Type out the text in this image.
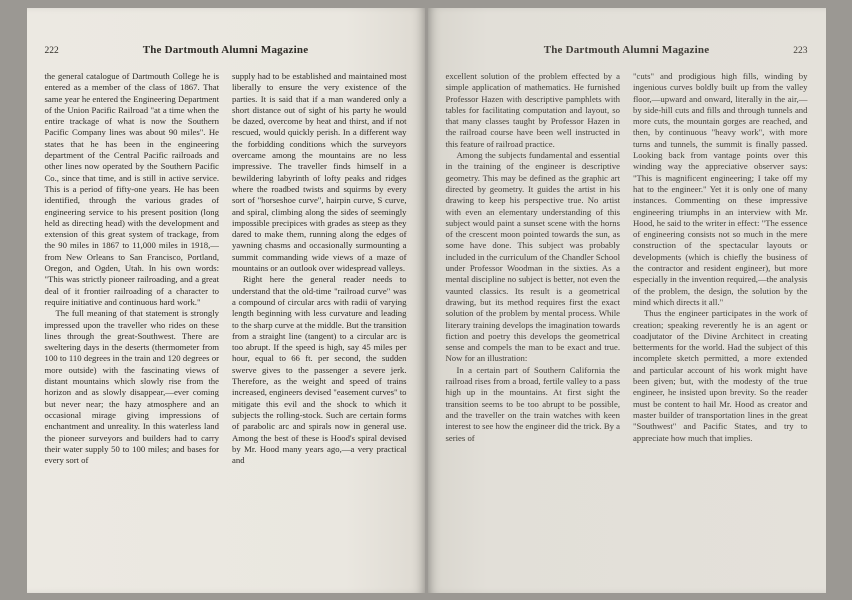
222	The Dartmouth Alumni Magazine

the general catalogue of Dartmouth College he is entered as a member of the class of 1867. That same year he entered the Engineering Department of the Union Pacific Railroad "at a time when the entire trackage of what is now the Southern Pacific Company lines was about 90 miles". He states that he has been in the engineering department of the Central Pacific railroads and other lines now operated by the Southern Pacific Co., since that time, and is still in active service. This is a period of fifty-one years. He has been identified, through the various grades of engineering service to his present position (long held as directing head) with the development and extension of this great system of trackage, from the 90 miles in 1867 to 11,000 miles in 1918,—from New Orleans to San Francisco, Portland, Oregon, and Ogden, Utah. In his own words: "This was strictly pioneer railroading, and a great deal of it frontier railroading of a character to require initiative and continuous hard work."

The full meaning of that statement is strongly impressed upon the traveller who rides on these lines through the great-Southwest. There are sweltering days in the deserts (thermometer from 100 to 110 degrees in the train and 120 degrees or more outside) with the fascinating views of distant mountains which slowly rise from the horizon and as slowly disappear,—ever coming but never near; the hazy atmosphere and an occasional mirage giving impressions of enchantment and unreality. In this waterless land the pioneer surveyors and builders had to carry their water supply 50 to 100 miles; and bases for every sort of

supply had to be established and maintained most liberally to ensure the very existence of the parties. It is said that if a man wandered only a short distance out of sight of his party he would be dazed, overcome by heat and thirst, and if not rescued, would quickly perish. In a different way the forbidding conditions which the surveyors overcame among the mountains are no less impressive. The traveller finds himself in a bewildering labyrinth of lofty peaks and ridges where the roadbed twists and squirms by every sort of "horseshoe curve", hairpin curve, S curve, and spiral, climbing along the sides of seemingly impossible precipices with grades as steep as they dared to make them, running along the edges of yawning chasms and occasionally surmounting a summit commanding wide views of a maze of mountains or an outlook over widespread valleys.

Right here the general reader needs to understand that the old-time "railroad curve" was a compound of circular arcs with radii of varying length beginning with less curvature and leading to the sharp curve at the middle. But the transition from a straight line (tangent) to a circular arc is too abrupt. If the speed is high, say 45 miles per hour, equal to 66 ft. per second, the sudden swerve gives to the passenger a severe jerk. Therefore, as the weight and speed of trains increased, engineers devised "easement curves" to mitigate this evil and the shock to which it subjects the rolling-stock. Such are certain forms of parabolic arc and spirals now in general use. Among the best of these is Hood's spiral devised by Mr. Hood many years ago,—a very practical and

The Dartmouth Alumni Magazine	223

excellent solution of the problem effected by a simple application of mathematics. He furnished Professor Hazen with descriptive pamphlets with tables for facilitating computation and layout, so that many classes taught by Professor Hazen in the railroad course have been well instructed in this feature of railroad practice.

Among the subjects fundamental and essential in the training of the engineer is descriptive geometry. This may be defined as the graphic art directed by geometry. It guides the artist in his drawing to keep his perspective true. No artist with even an elementary understanding of this subject would paint a sunset scene with the horns of the crescent moon pointed towards the sun, as some have done. This subject was probably included in the curriculum of the Chandler School under Professor Woodman in the sixties. As a mental discipline no subject is better, not even the vaunted classics. Its result is a geometrical drawing, but its method requires first the exact solution of the problem by mental process. While literary training develops the imagination towards fiction and poetry this develops the geometrical sense and compels the man to be exact and true. Now for an illustration:

In a certain part of Southern California the railroad rises from a broad, fertile valley to a pass high up in the mountains. At first sight the transition seems to be too abrupt to be possible, and the traveller on the train watches with keen interest to see how the engineer did the trick. By a series of

"cuts" and prodigious high fills, winding by ingenious curves boldly built up from the valley floor,—upward and onward, literally in the air,—by side-hill cuts and fills and through tunnels and more cuts, the mountain gorges are reached, and then, by continuous "heavy work", with more turns and tunnels, the summit is finally passed. Looking back from vantage points over this winding way the appreciative observer says: "This is magnificent engineering; I take off my hat to the engineer." Yet it is only one of many instances. Commenting on these impressive engineering triumphs in an interview with Mr. Hood, he said to the writer in effect: "The essence of engineering consists not so much in the mere construction of the spectacular layouts or developments (which is chiefly the business of the contractor and resident engineer), but more especially in the invention required,—the analysis of the problem, the design, the solution by the mind which directs it all."

Thus the engineer participates in the work of creation; speaking reverently he is an agent or coadjutator of the Divine Architect in creating betterments for the world. Had the subject of this incomplete sketch permitted, a more extended and particular account of his work might have been given; but, with the modesty of the true engineer, he insisted upon brevity. So the reader must be content to hail Mr. Hood as creator and master builder of transportation lines in the great "Southwest" and Pacific States, and try to appreciate how much that implies.
